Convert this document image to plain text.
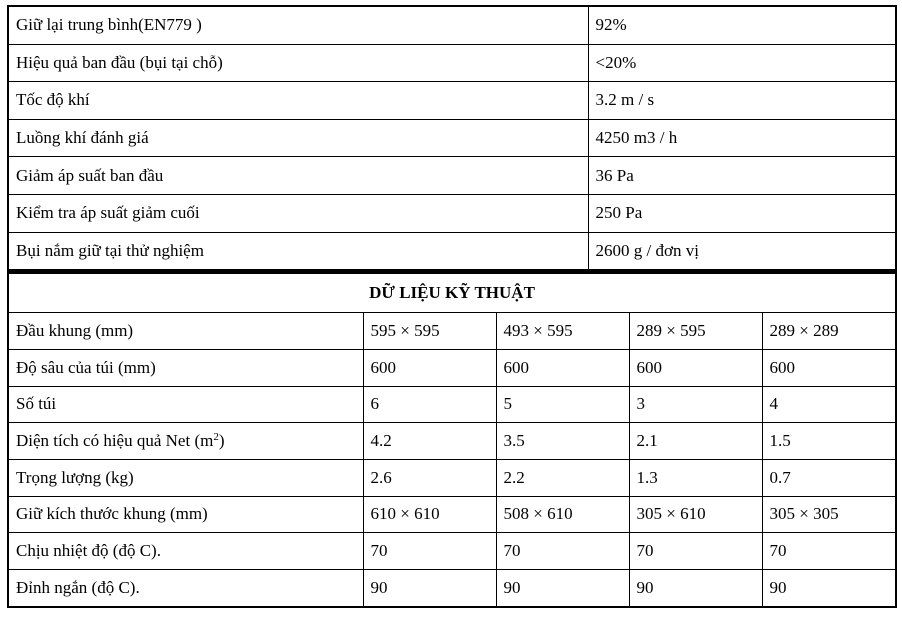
Giữ lại trung bình(EN779 )	92%
Hiệu quả ban đầu (bụi tại chỗ)	<20%
Tốc độ khí	3.2 m / s
Luồng khí đánh giá	4250 m3 / h
Giảm áp suất ban đầu	36 Pa
Kiểm tra áp suất giảm cuối	250 Pa
Bụi nắm giữ tại thử nghiệm	2600 g / đơn vị
DỮ LIỆU KỸ THUẬT				
Đầu khung (mm)	595 × 595	493 × 595	289 × 595	289 × 289
Độ sâu của túi (mm)	600	600	600	600
Số túi	6	5	3	4
Diện tích có hiệu quả Net $(m^2)$	4.2	3.5	2.1	1.5
Trọng lượng (kg)	2.6	2.2	1.3	0.7
Giữ kích thước khung (mm)	610 × 610	508 × 610	305 × 610	305 × 305
Chịu nhiệt độ (độ C).	70	70	70	70
Đỉnh ngắn (độ C).	90	90	90	90
